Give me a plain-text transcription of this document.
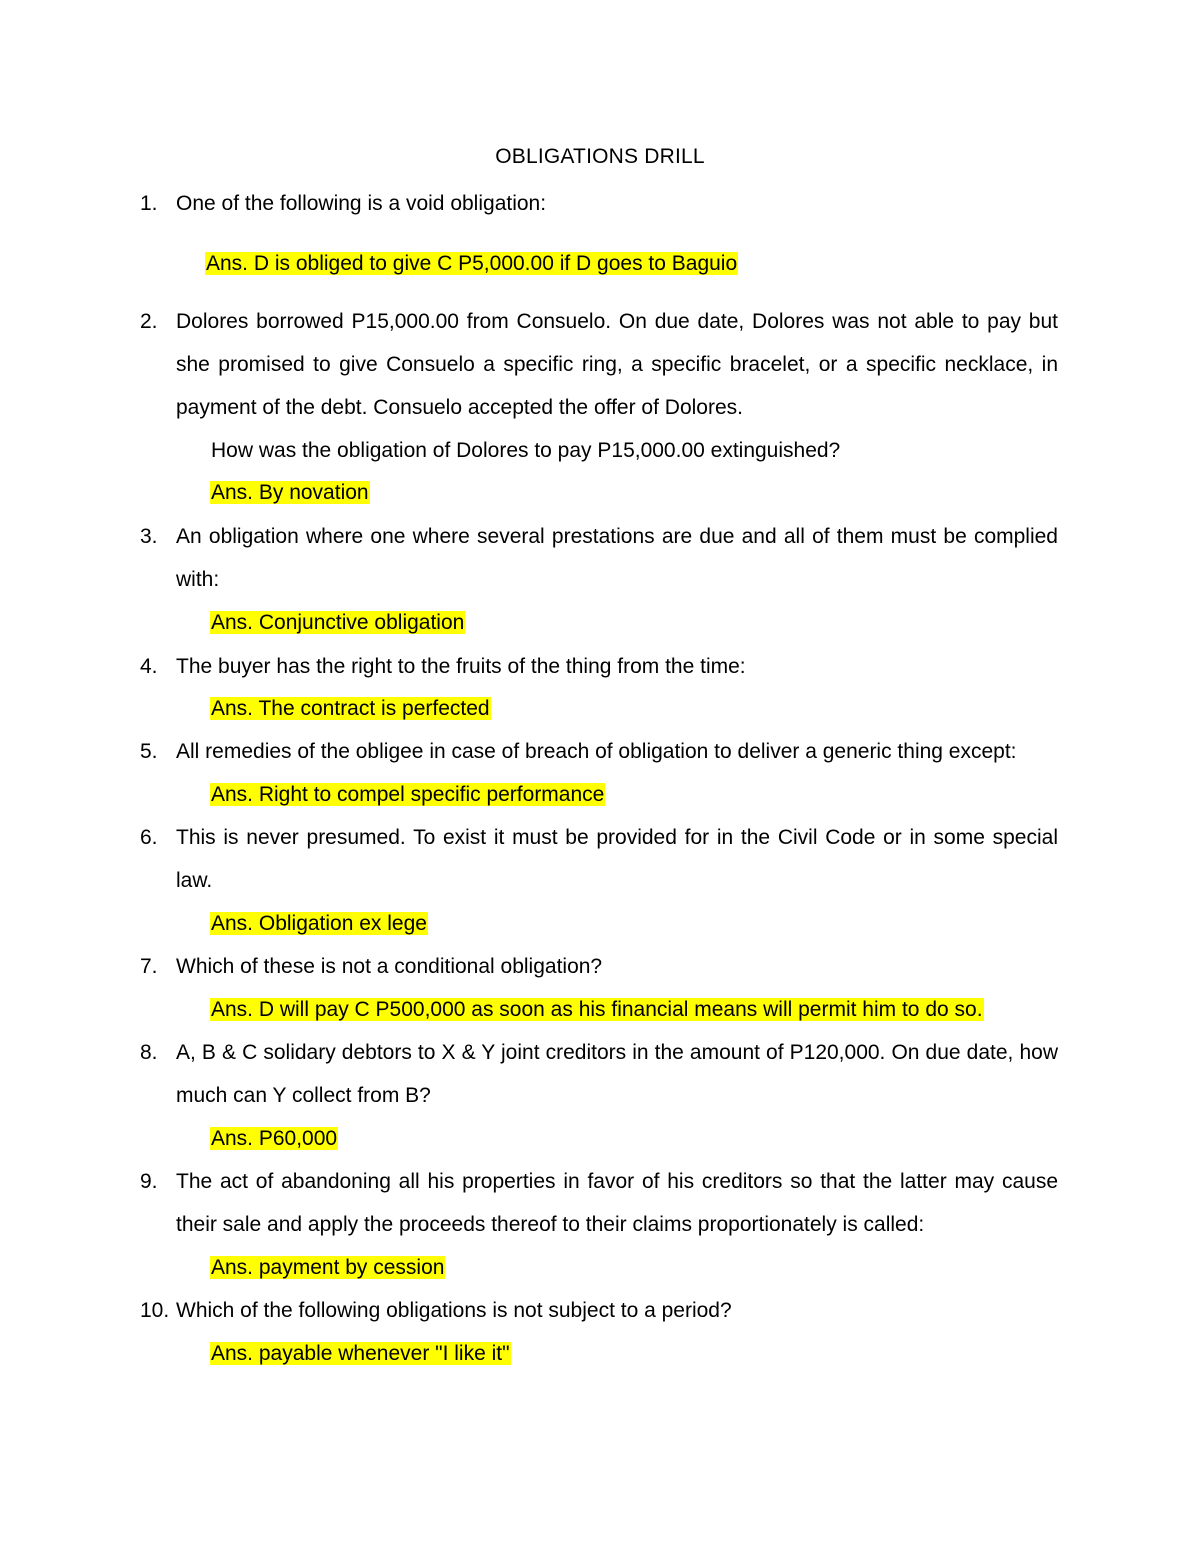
OBLIGATIONS DRILL
1. One of the following is a void obligation:
Ans. D is obliged to give C P5,000.00 if D goes to Baguio
2. Dolores borrowed P15,000.00 from Consuelo. On due date, Dolores was not able to pay but she promised to give Consuelo a specific ring, a specific bracelet, or a specific necklace, in payment of the debt. Consuelo accepted the offer of Dolores.
How was the obligation of Dolores to pay P15,000.00 extinguished?
Ans. By novation
3. An obligation where one where several prestations are due and all of them must be complied with:
Ans. Conjunctive obligation
4. The buyer has the right to the fruits of the thing from the time:
Ans. The contract is perfected
5. All remedies of the obligee in case of breach of obligation to deliver a generic thing except:
Ans. Right to compel specific performance
6. This is never presumed. To exist it must be provided for in the Civil Code or in some special law.
Ans. Obligation ex lege
7. Which of these is not a conditional obligation?
Ans. D will pay C P500,000 as soon as his financial means will permit him to do so.
8. A, B & C solidary debtors to X & Y joint creditors in the amount of P120,000. On due date, how much can Y collect from B?
Ans. P60,000
9. The act of abandoning all his properties in favor of his creditors so that the latter may cause their sale and apply the proceeds thereof to their claims proportionately is called:
Ans. payment by cession
10. Which of the following obligations is not subject to a period?
Ans. payable whenever "I like it"
